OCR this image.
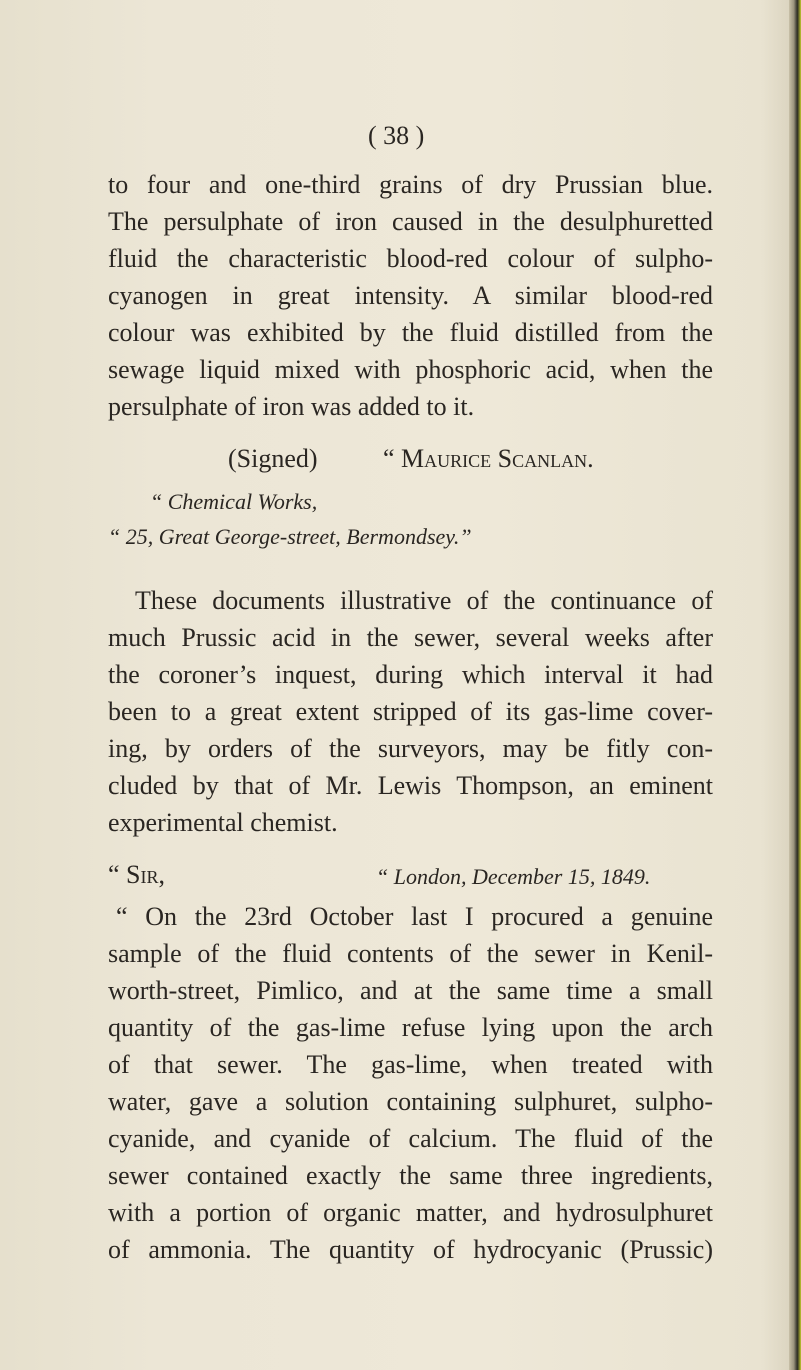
( 38 )
to four and one-third grains of dry Prussian blue.
The persulphate of iron caused in the desulphuretted
fluid the characteristic blood-red colour of sulpho-
cyanogen in great intensity. A similar blood-red
colour was exhibited by the fluid distilled from the
sewage liquid mixed with phosphoric acid, when the
persulphate of iron was added to it.
(Signed)	“ Maurice Scanlan.
“ Chemical Works,
“ 25, Great George-street, Bermondsey.”
These documents illustrative of the continuance of
much Prussic acid in the sewer, several weeks after
the coroner’s inquest, during which interval it had
been to a great extent stripped of its gas-lime cover-
ing, by orders of the surveyors, may be fitly con-
cluded by that of Mr. Lewis Thompson, an eminent
experimental chemist.
“ Sir,	“ London, December 15, 1849.
“ On the 23rd October last I procured a genuine
sample of the fluid contents of the sewer in Kenil-
worth-street, Pimlico, and at the same time a small
quantity of the gas-lime refuse lying upon the arch
of that sewer. The gas-lime, when treated with
water, gave a solution containing sulphuret, sulpho-
cyanide, and cyanide of calcium. The fluid of the
sewer contained exactly the same three ingredients,
with a portion of organic matter, and hydrosulphuret
of ammonia. The quantity of hydrocyanic (Prussic)
